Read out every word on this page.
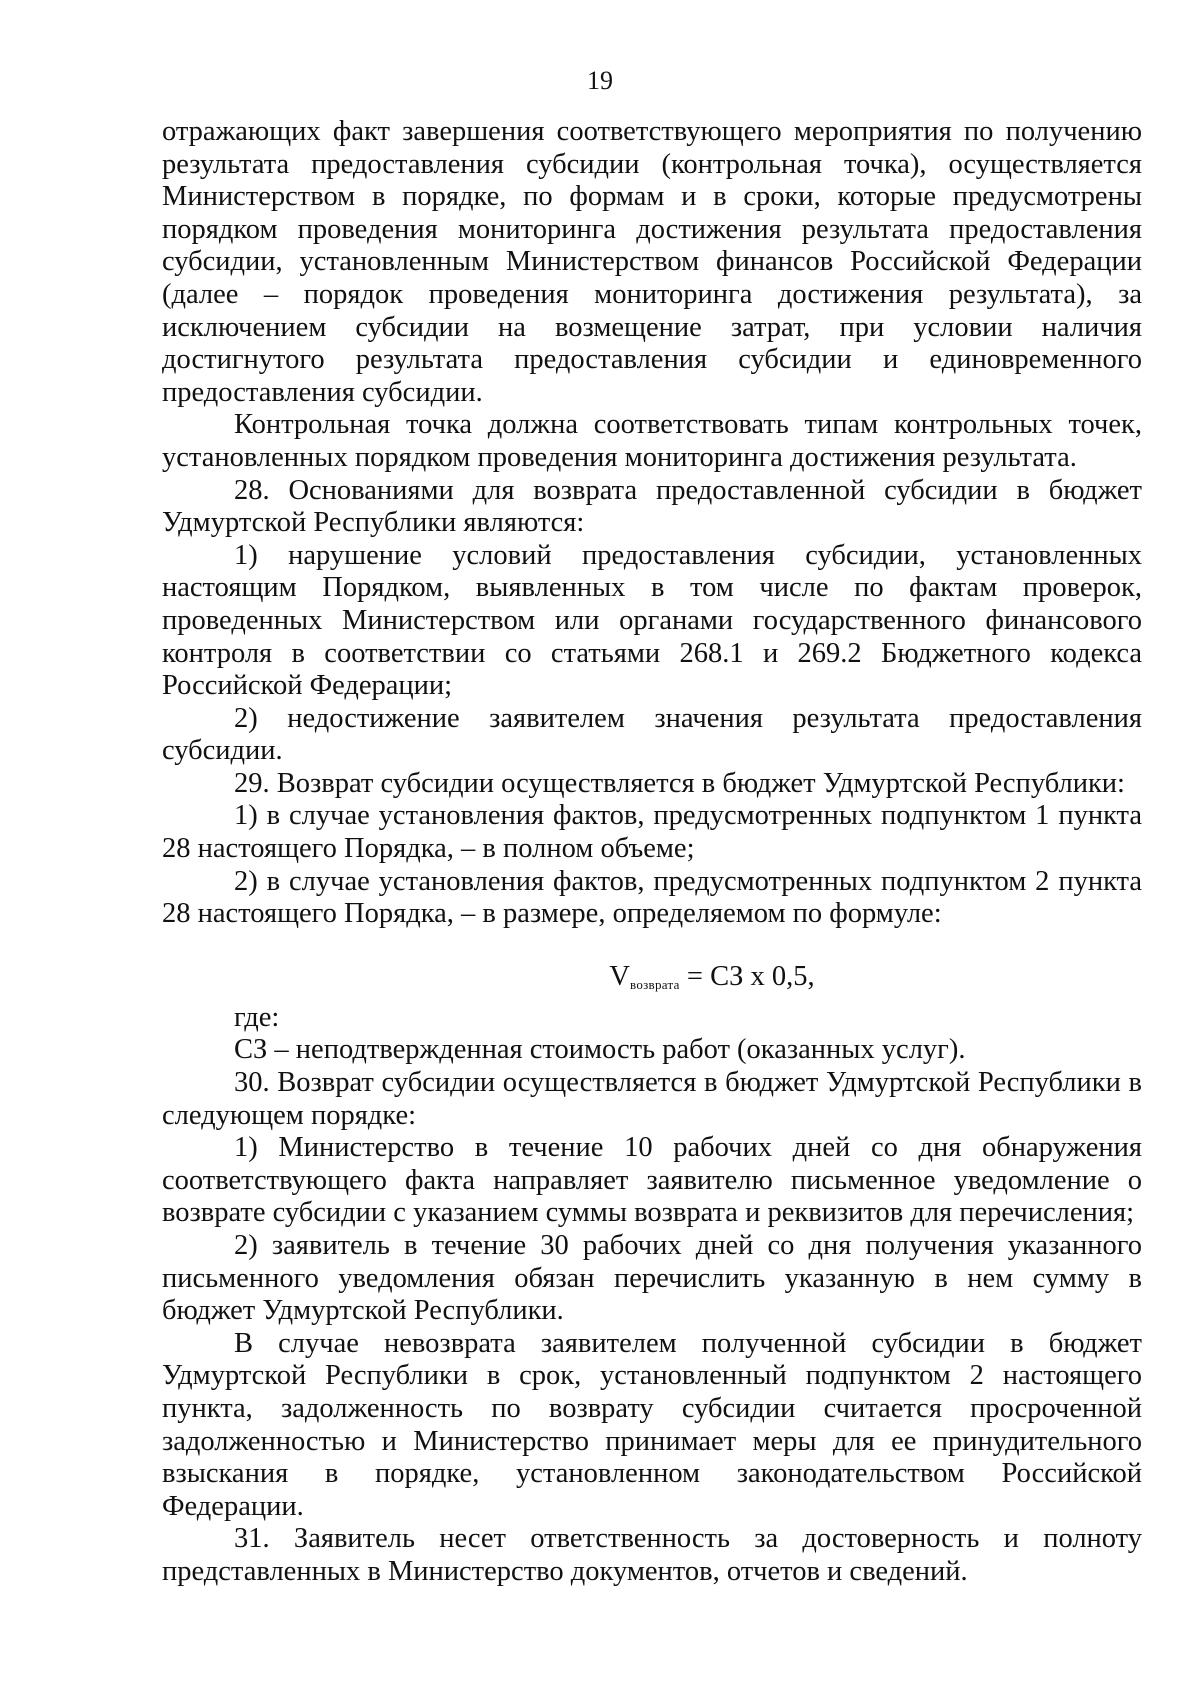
19

отражающих факт завершения соответствующего мероприятия по получению результата предоставления субсидии (контрольная точка), осуществляется Министерством в порядке, по формам и в сроки, которые предусмотрены порядком проведения мониторинга достижения результата предоставления субсидии, установленным Министерством финансов Российской Федерации (далее – порядок проведения мониторинга достижения результата), за исключением субсидии на возмещение затрат, при условии наличия достигнутого результата предоставления субсидии и единовременного предоставления субсидии.

Контрольная точка должна соответствовать типам контрольных точек, установленных порядком проведения мониторинга достижения результата.

28. Основаниями для возврата предоставленной субсидии в бюджет Удмуртской Республики являются:

1) нарушение условий предоставления субсидии, установленных настоящим Порядком, выявленных в том числе по фактам проверок, проведенных Министерством или органами государственного финансового контроля в соответствии со статьями 268.1 и 269.2 Бюджетного кодекса Российской Федерации;

2) недостижение заявителем значения результата предоставления субсидии.

29. Возврат субсидии осуществляется в бюджет Удмуртской Республики:

1) в случае установления фактов, предусмотренных подпунктом 1 пункта 28 настоящего Порядка, – в полном объеме;

2) в случае установления фактов, предусмотренных подпунктом 2 пункта 28 настоящего Порядка, – в размере, определяемом по формуле:

$V_{возврата}$ = СЗ х 0,5,

где:

СЗ – неподтвержденная стоимость работ (оказанных услуг).

30. Возврат субсидии осуществляется в бюджет Удмуртской Республики в следующем порядке:

1) Министерство в течение 10 рабочих дней со дня обнаружения соответствующего факта направляет заявителю письменное уведомление о возврате субсидии с указанием суммы возврата и реквизитов для перечисления;

2) заявитель в течение 30 рабочих дней со дня получения указанного письменного уведомления обязан перечислить указанную в нем сумму в бюджет Удмуртской Республики.

В случае невозврата заявителем полученной субсидии в бюджет Удмуртской Республики в срок, установленный подпунктом 2 настоящего пункта, задолженность по возврату субсидии считается просроченной задолженностью и Министерство принимает меры для ее принудительного взыскания в порядке, установленном законодательством Российской Федерации.

31. Заявитель несет ответственность за достоверность и полноту представленных в Министерство документов, отчетов и сведений.
